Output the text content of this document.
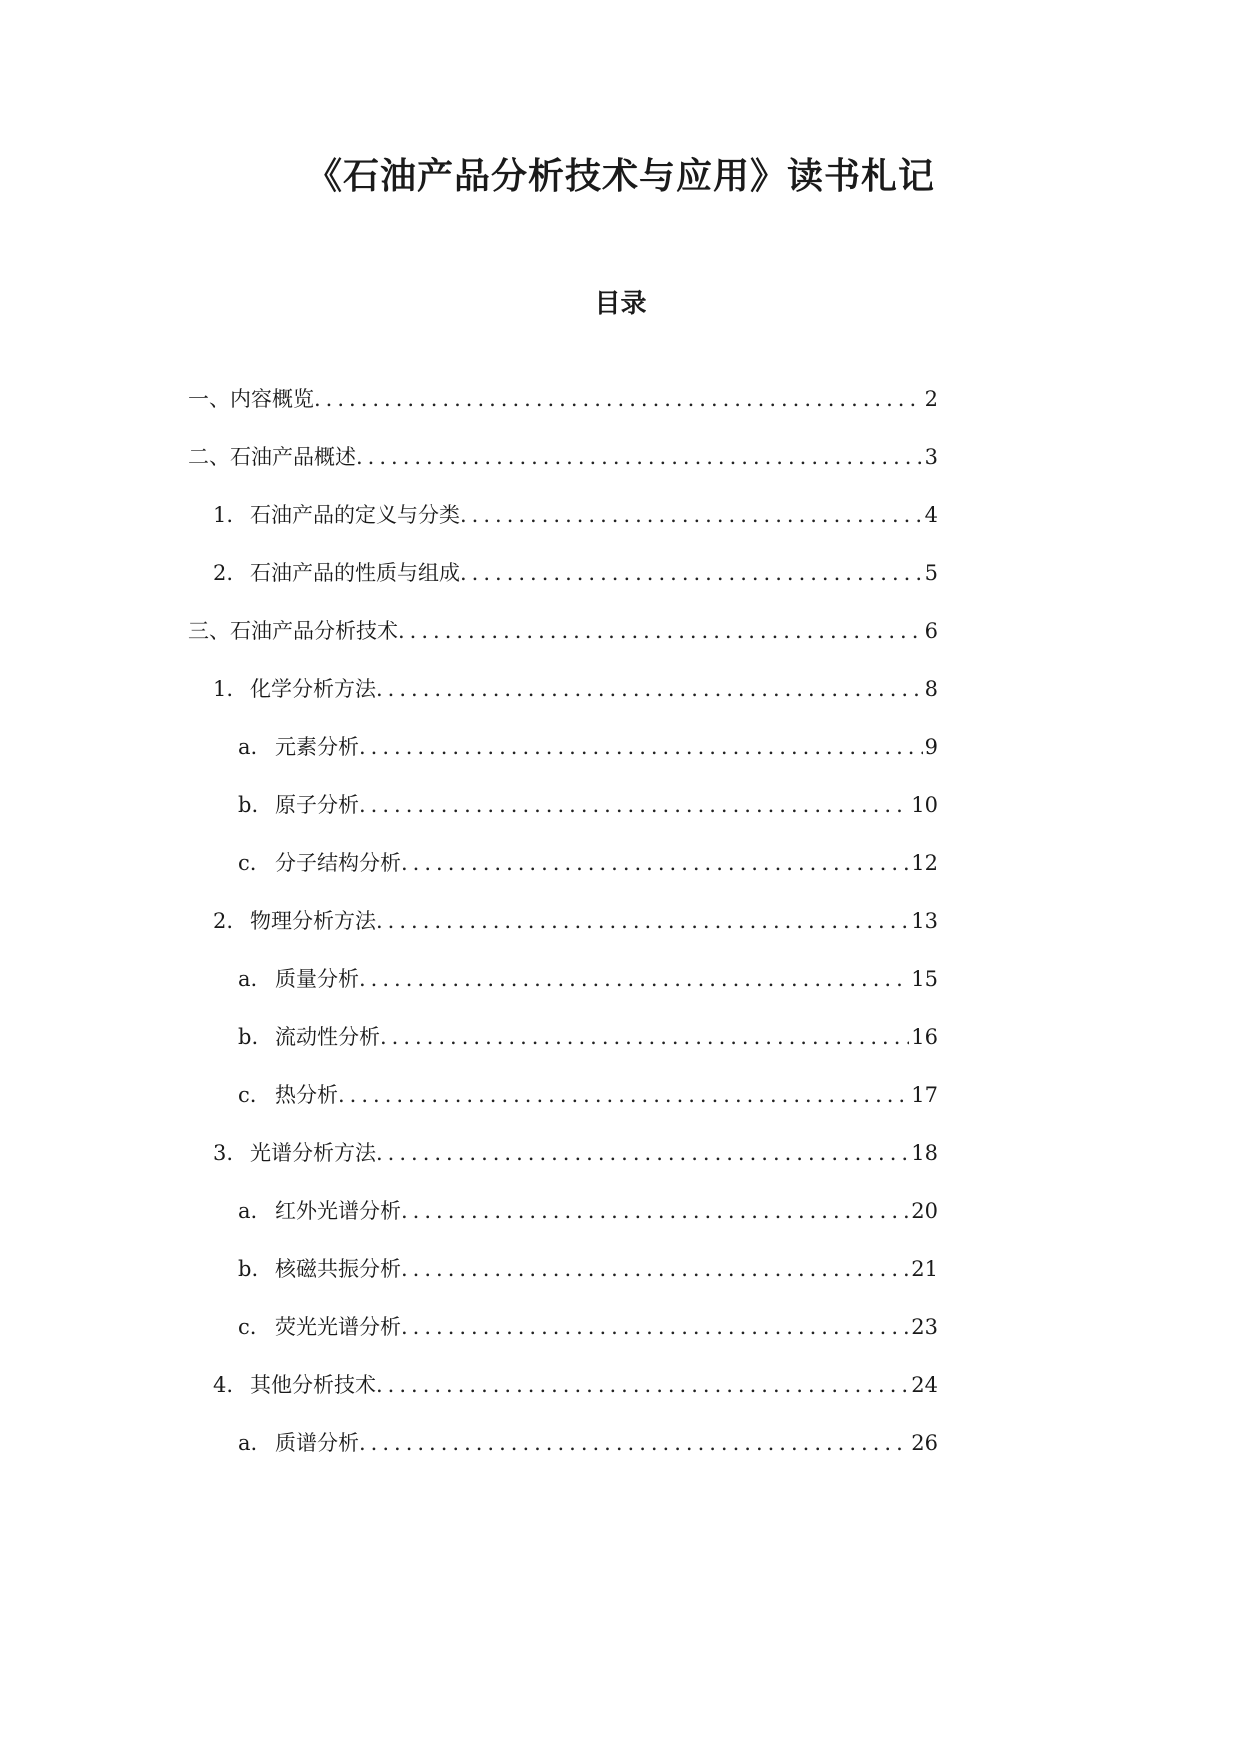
《石油产品分析技术与应用》读书札记
目录
一、 内容概览 .....	2
二、 石油产品概述 .....	3
1. 石油产品的定义与分类 .....	4
2. 石油产品的性质与组成 .....	5
三、 石油产品分析技术 .....	6
1. 化学分析方法 .....	8
a. 元素分析 .....	9
b. 原子分析 .....	10
c. 分子结构分析 .....	12
2. 物理分析方法 .....	13
a. 质量分析 .....	15
b. 流动性分析 .....	16
c. 热分析 .....	17
3. 光谱分析方法 .....	18
a. 红外光谱分析 .....	20
b. 核磁共振分析 .....	21
c. 荧光光谱分析 .....	23
4. 其他分析技术 .....	24
a. 质谱分析 .....	26
